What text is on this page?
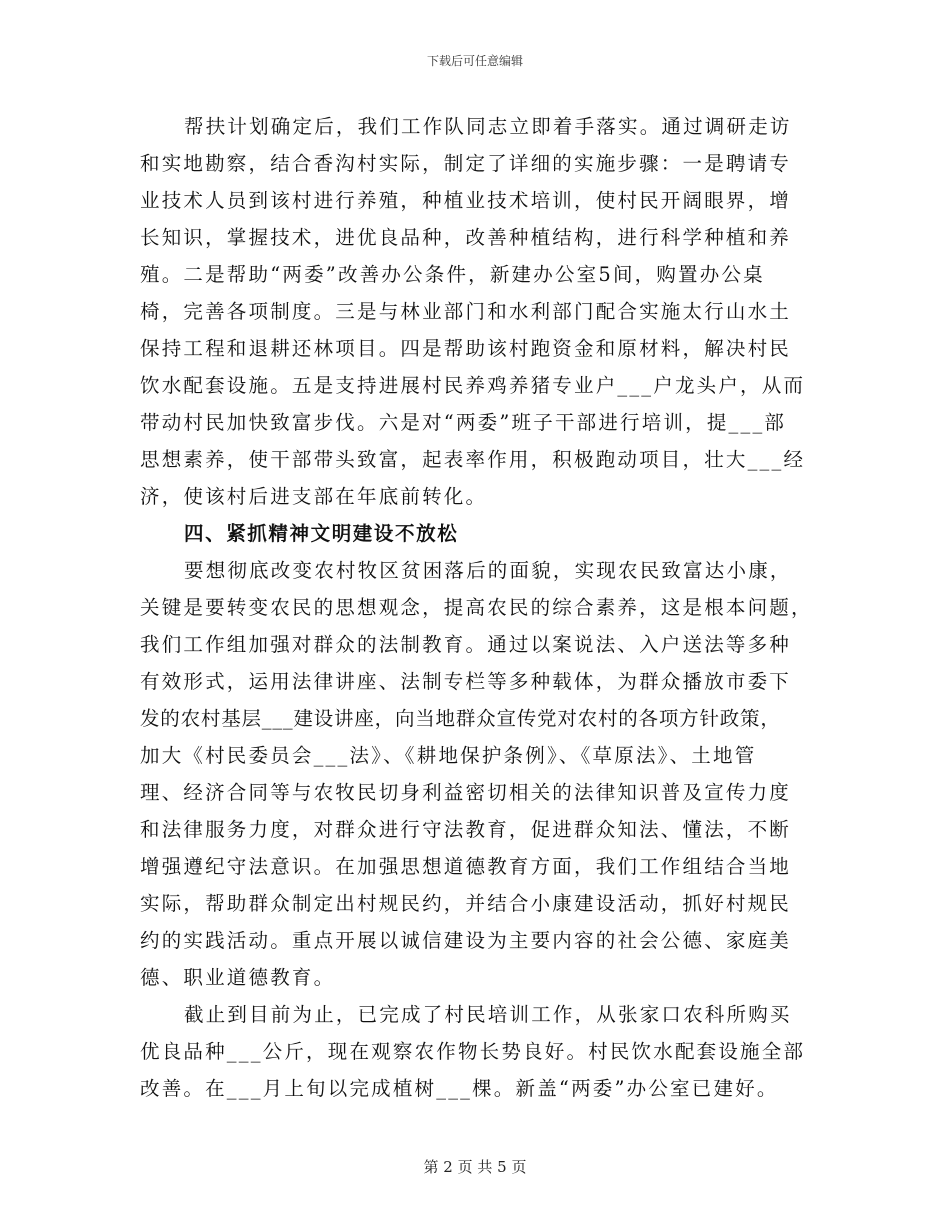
下载后可任意编辑
帮扶计划确定后，我们工作队同志立即着手落实。通过调研走访
和实地勘察，结合香沟村实际，制定了详细的实施步骤：一是聘请专
业技术人员到该村进行养殖，种植业技术培训，使村民开阔眼界，增
长知识，掌握技术，进优良品种，改善种植结构，进行科学种植和养
殖。二是帮助“两委”改善办公条件，新建办公室5间，购置办公桌
椅，完善各项制度。三是与林业部门和水利部门配合实施太行山水土
保持工程和退耕还林项目。四是帮助该村跑资金和原材料，解决村民
饮水配套设施。五是支持进展村民养鸡养猪专业户___户龙头户，从而
带动村民加快致富步伐。六是对“两委”班子干部进行培训，提___部
思想素养，使干部带头致富，起表率作用，积极跑动项目，壮大___经
济，使该村后进支部在年底前转化。
四、紧抓精神文明建设不放松
要想彻底改变农村牧区贫困落后的面貌，实现农民致富达小康，
关键是要转变农民的思想观念，提高农民的综合素养，这是根本问题，
我们工作组加强对群众的法制教育。通过以案说法、入户送法等多种
有效形式，运用法律讲座、法制专栏等多种载体，为群众播放市委下
发的农村基层___建设讲座，向当地群众宣传党对农村的各项方针政策，
加大《村民委员会___法》、《耕地保护条例》、《草原法》、土地管
理、经济合同等与农牧民切身利益密切相关的法律知识普及宣传力度
和法律服务力度，对群众进行守法教育，促进群众知法、懂法，不断
增强遵纪守法意识。在加强思想道德教育方面，我们工作组结合当地
实际，帮助群众制定出村规民约，并结合小康建设活动，抓好村规民
约的实践活动。重点开展以诚信建设为主要内容的社会公德、家庭美
德、职业道德教育。
截止到目前为止，已完成了村民培训工作，从张家口农科所购买
优良品种___公斤，现在观察农作物长势良好。村民饮水配套设施全部
改善。在___月上旬以完成植树___棵。新盖“两委”办公室已建好。
第 2 页 共 5 页
